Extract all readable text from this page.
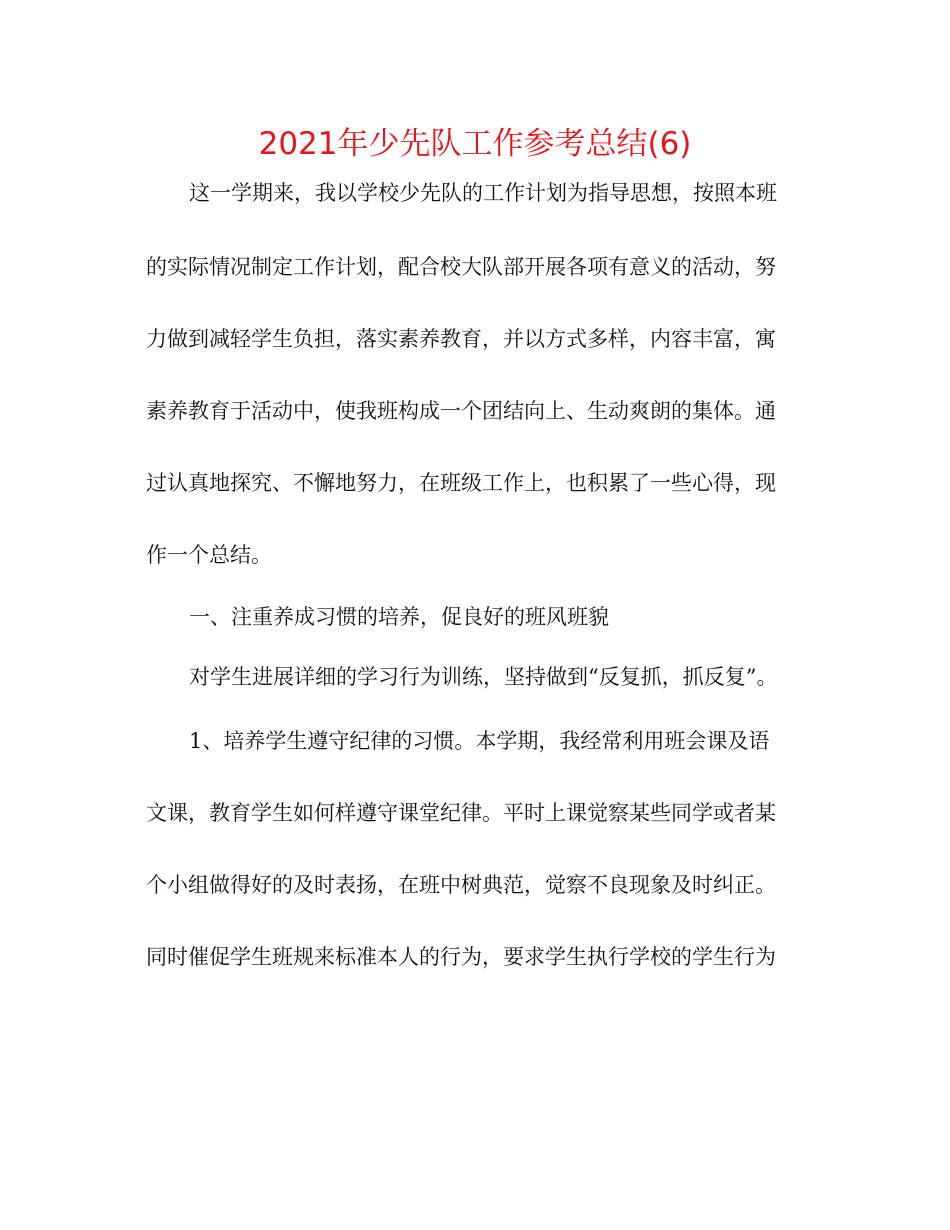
2021年少先队工作参考总结(6)

这一学期来，我以学校少先队的工作计划为指导思想，按照本班

的实际情况制定工作计划，配合校大队部开展各项有意义的活动，努

力做到减轻学生负担，落实素养教育，并以方式多样，内容丰富，寓

素养教育于活动中，使我班构成一个团结向上、生动爽朗的集体。通

过认真地探究、不懈地努力，在班级工作上，也积累了一些心得，现

作一个总结。

一、注重养成习惯的培养，促良好的班风班貌

对学生进展详细的学习行为训练，坚持做到“反复抓，抓反复”。

1、培养学生遵守纪律的习惯。本学期，我经常利用班会课及语

文课，教育学生如何样遵守课堂纪律。平时上课觉察某些同学或者某

个小组做得好的及时表扬，在班中树典范，觉察不良现象及时纠正。

同时催促学生班规来标准本人的行为，要求学生执行学校的学生行为
